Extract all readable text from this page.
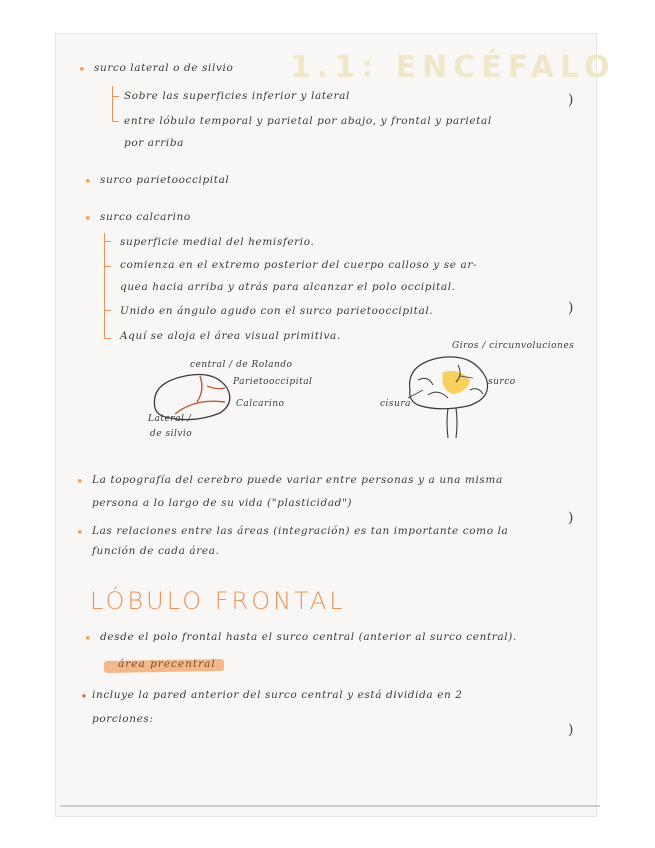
1.1: ENCÉFALO
• surco lateral o de silvio
Sobre las superficies inferior y lateral
entre lóbulo temporal y parietal por abajo, y frontal y parietal
por arriba
• surco parietooccipital
• surco calcarino
superficie medial del hemisferio.
comienza en el extremo posterior del cuerpo calloso y se ar-
quea hacia arriba y atrás para alcanzar el polo occipital.
Unido en ángulo agudo con el surco parietooccipital.
Aquí se aloja el área visual primitiva.
central / de Rolando
Parietooccipital
Calcarino
Lateral /
de silvio
Giros / circunvoluciones
surco
cisura
• La topografía del cerebro puede variar entre personas y a una misma
persona a lo largo de su vida ("plasticidad")
• Las relaciones entre las áreas (integración) es tan importante como la
función de cada área.
LÓBULO FRONTAL
• desde el polo frontal hasta el surco central (anterior al surco central).
área precentral
• incluye la pared anterior del surco central y está dividida en 2
porciones:
)
)
)
)
